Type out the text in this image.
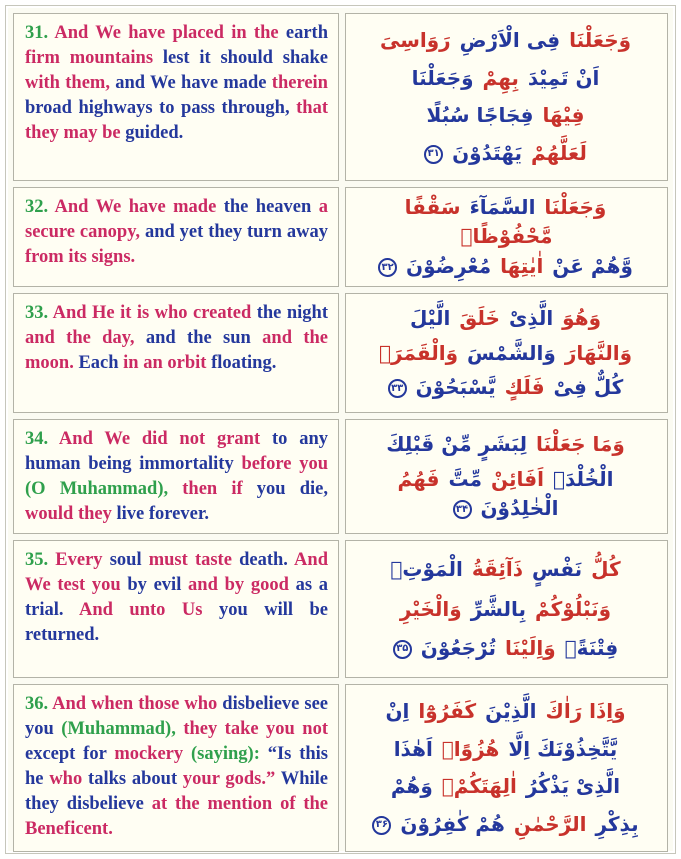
31. And We have placed in the earth firm mountains lest it should shake with them, and We have made therein broad highways to pass through, that they may be guided.
وَجَعَلْنَا فِى الْاَرْضِ رَوَاسِىَ
اَنْ تَمِيْدَ بِهِمْ وَجَعَلْنَا
فِيْهَا فِجَاجًا سُبُلًا
لَعَلَّهُمْ يَهْتَدُوْنَ ۳۱
32. And We have made the heaven a secure canopy, and yet they turn away from its signs.
وَجَعَلْنَا السَّمَآءَ سَقْفًا مَّحْفُوْظًاۚ
وَّهُمْ عَنْ اٰيٰتِهَا مُعْرِضُوْنَ ۳۲
33. And He it is who created the night and the day, and the sun and the moon. Each in an orbit floating.
وَهُوَ الَّذِىْ خَلَقَ الَّيْلَ
وَالنَّهَارَ وَالشَّمْسَ وَالْقَمَرَۗ
كُلٌّ فِىْ فَلَكٍ يَّسْبَحُوْنَ ۳۳
34. And We did not grant to any human being immortality before you (O Muhammad), then if you die, would they live forever.
وَمَا جَعَلْنَا لِبَشَرٍ مِّنْ قَبْلِكَ
الْخُلْدَۗ اَفَائِنْ مِّتَّ فَهُمُ الْخٰلِدُوْنَ ۳۴
35. Every soul must taste death. And We test you by evil and by good as a trial. And unto Us you will be returned.
كُلُّ نَفْسٍ ذَآئِقَةُ الْمَوْتِۗ
وَنَبْلُوْكُمْ بِالشَّرِّ وَالْخَيْرِ
فِتْنَةًۗ وَاِلَيْنَا تُرْجَعُوْنَ ۳۵
36. And when those who disbelieve see you (Muhammad), they take you not except for mockery (saying): “Is this he who talks about your gods.” While they disbelieve at the mention of the Beneficent.
وَاِذَا رَاٰكَ الَّذِيْنَ كَفَرُوْٓا اِنْ
يَّتَّخِذُوْنَكَ اِلَّا هُزُوًاۗ اَهٰذَا
الَّذِىْ يَذْكُرُ اٰلِهَتَكُمْۚ وَهُمْ
بِذِكْرِ الرَّحْمٰنِ هُمْ كٰفِرُوْنَ ۳۶
